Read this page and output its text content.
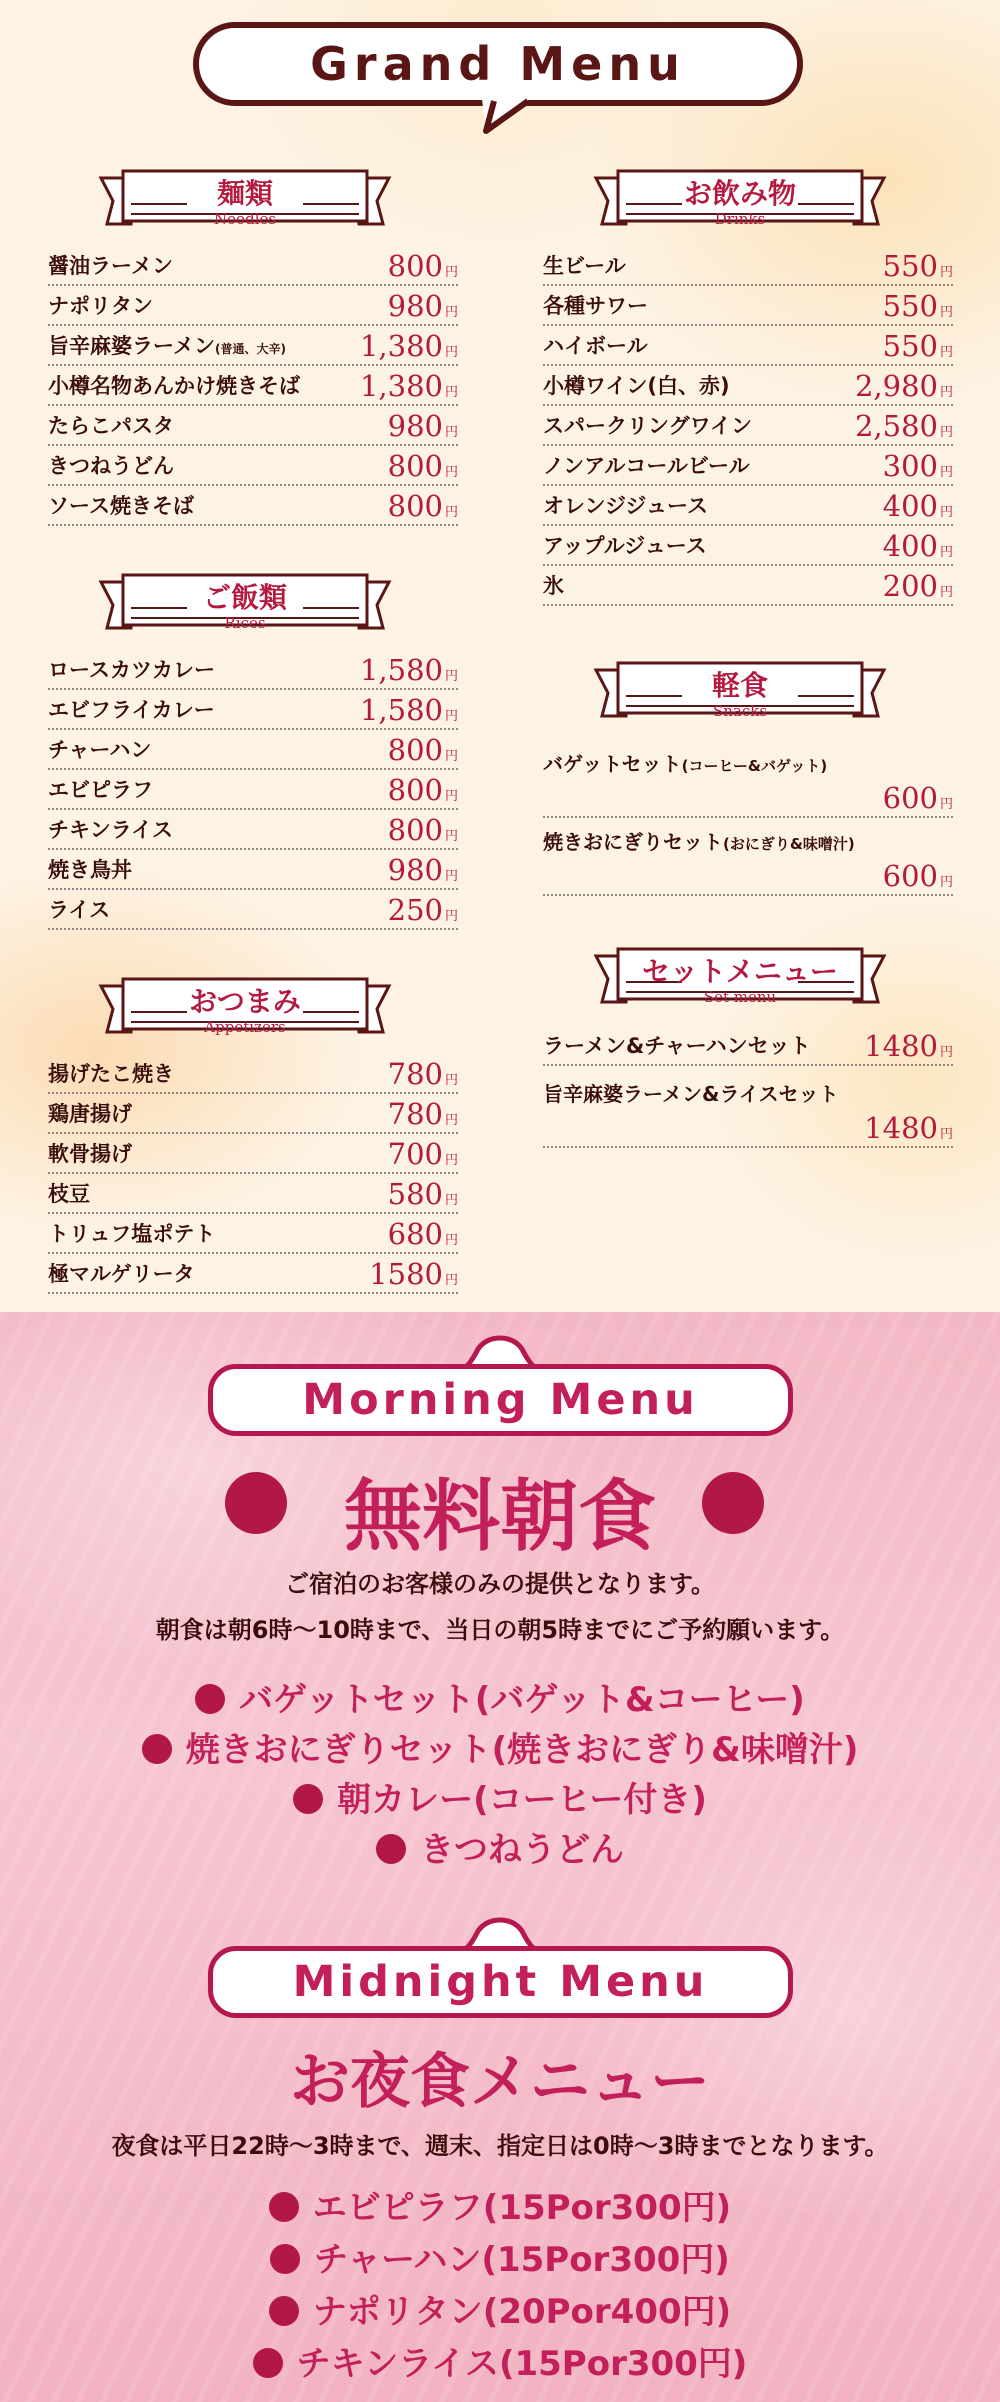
Grand Menu
麺類
Noodles
醤油ラーメン	800 円
ナポリタン	980 円
旨辛麻婆ラーメン(普通、大辛)	1,380 円
小樽名物あんかけ焼きそば 1,380 円
たらこパスタ	980 円
きつねうどん	800 円
ソース焼きそば	800 円
ご飯類
Rices
ロースカツカレー	1,580 円
エビフライカレー	1,580 円
チャーハン	800 円
エビピラフ	800 円
チキンライス	800 円
焼き鳥丼	980 円
ライス	250 円
おつまみ
Appetizers
揚げたこ焼き	780 円
鶏唐揚げ	780 円
軟骨揚げ	700 円
枝豆	580 円
トリュフ塩ポテト	680 円
極マルゲリータ	1580 円
お飲み物
Drinks
生ビール	550 円
各種サワー	550 円
ハイボール	550 円
小樽ワイン(白、赤)	2,980 円
スパークリングワイン	2,580 円
ノンアルコールビール	300 円
オレンジジュース	400 円
アップルジュース	400 円
氷	200 円
軽食
Snacks
バゲットセット(コーヒー&バゲット)
600 円
焼きおにぎりセット(おにぎり&味噌汁)
600 円
セットメニュー
Set menu
ラーメン&チャーハンセット 1480 円
旨辛麻婆ラーメン&ライスセット
1480 円
Morning Menu
無料朝食
ご宿泊のお客様のみの提供となります。
朝食は朝6時〜10時まで、当日の朝5時までにご予約願います。
バゲットセット(バゲット&コーヒー)
焼きおにぎりセット(焼きおにぎり&味噌汁)
朝カレー(コーヒー付き)
きつねうどん
Midnight Menu
お夜食メニュー
夜食は平日22時〜3時まで、週末、指定日は0時〜3時までとなります。
エビピラフ(15Por300円)
チャーハン(15Por300円)
ナポリタン(20Por400円)
チキンライス(15Por300円)
